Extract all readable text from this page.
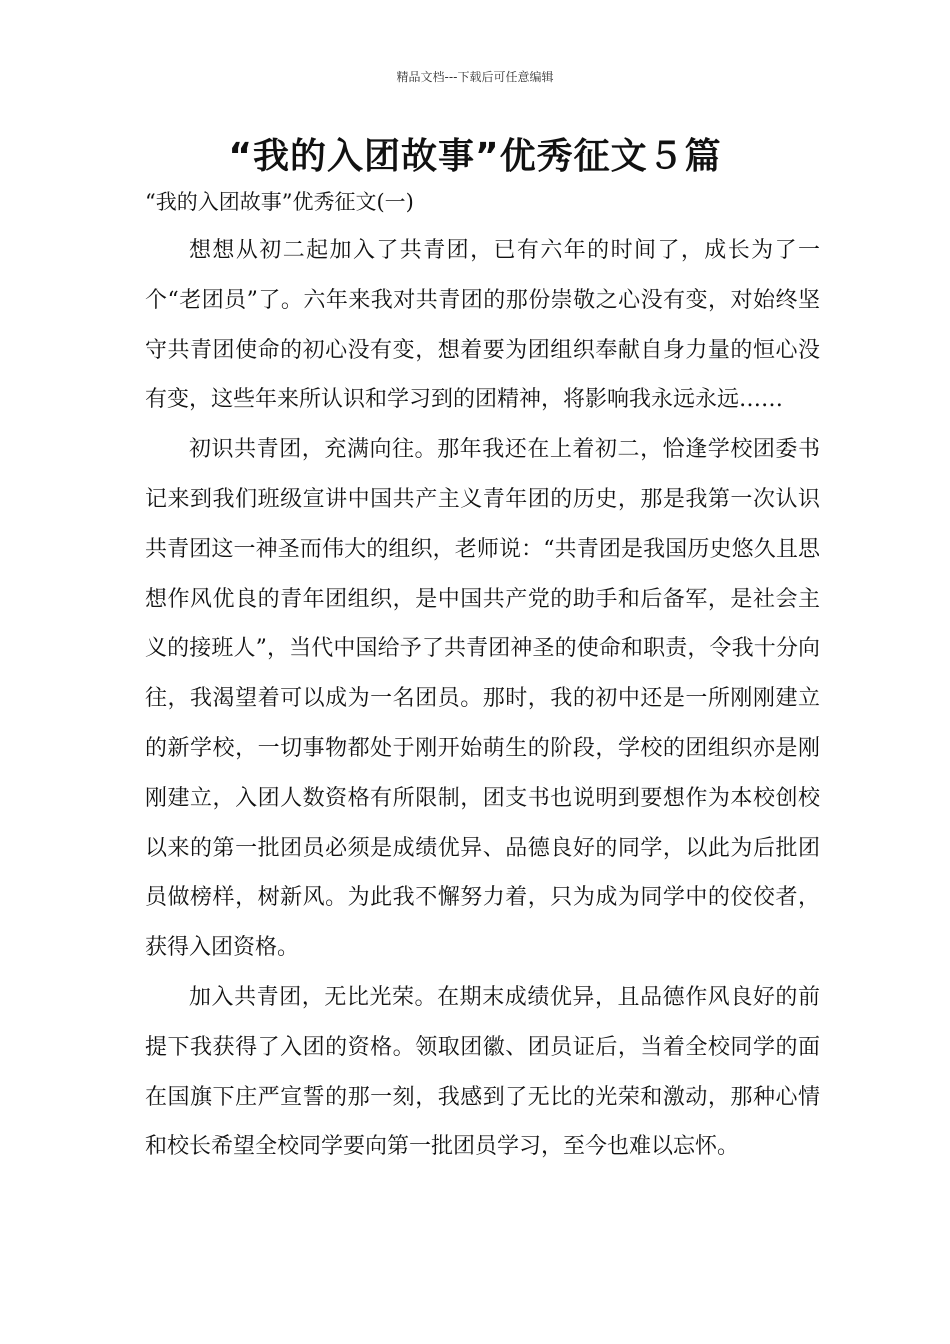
精品文档---下载后可任意编辑
“我的入团故事”优秀征文５篇
“我的入团故事”优秀征文(一)

想想从初二起加入了共青团，已有六年的时间了，成长为了一个“老团员”了。六年来我对共青团的那份崇敬之心没有变，对始终坚守共青团使命的初心没有变，想着要为团组织奉献自身力量的恒心没有变，这些年来所认识和学习到的团精神，将影响我永远永远……

初识共青团，充满向往。那年我还在上着初二，恰逢学校团委书记来到我们班级宣讲中国共产主义青年团的历史，那是我第一次认识共青团这一神圣而伟大的组织，老师说：“共青团是我国历史悠久且思想作风优良的青年团组织，是中国共产党的助手和后备军，是社会主义的接班人”，当代中国给予了共青团神圣的使命和职责，令我十分向往，我渴望着可以成为一名团员。那时，我的初中还是一所刚刚建立的新学校，一切事物都处于刚开始萌生的阶段，学校的团组织亦是刚刚建立，入团人数资格有所限制，团支书也说明到要想作为本校创校以来的第一批团员必须是成绩优异、品德良好的同学，以此为后批团员做榜样，树新风。为此我不懈努力着，只为成为同学中的佼佼者，获得入团资格。

加入共青团，无比光荣。在期末成绩优异，且品德作风良好的前提下我获得了入团的资格。领取团徽、团员证后，当着全校同学的面在国旗下庄严宣誓的那一刻，我感到了无比的光荣和激动，那种心情和校长希望全校同学要向第一批团员学习，至今也难以忘怀。
